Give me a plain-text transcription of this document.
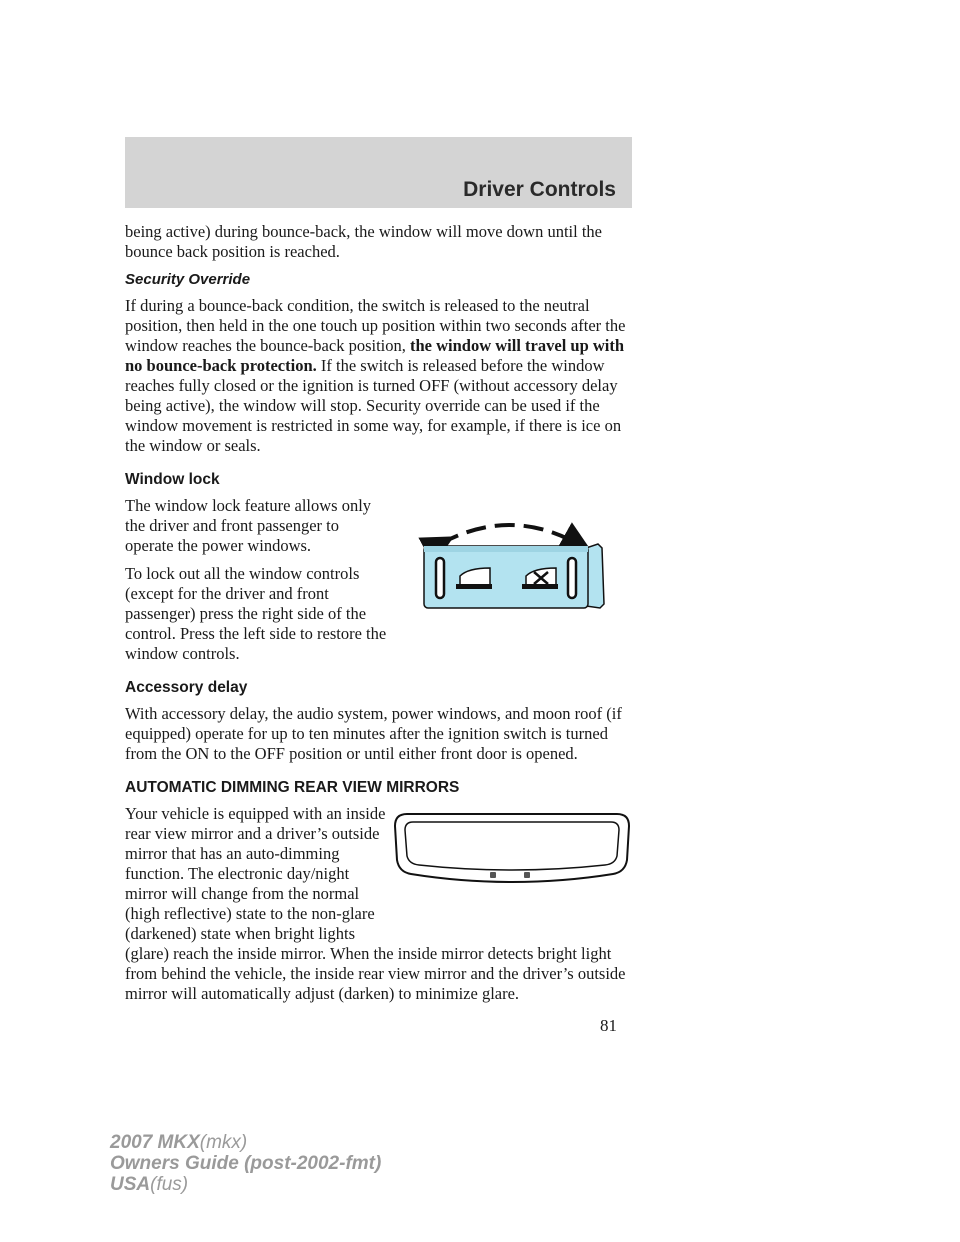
Driver Controls

being active) during bounce-back, the window will move down until the bounce back position is reached.

Security Override

If during a bounce-back condition, the switch is released to the neutral position, then held in the one touch up position within two seconds after the window reaches the bounce-back position, the window will travel up with no bounce-back protection. If the switch is released before the window reaches fully closed or the ignition is turned OFF (without accessory delay being active), the window will stop. Security override can be used if the window movement is restricted in some way, for example, if there is ice on the window or seals.

Window lock

The window lock feature allows only the driver and front passenger to operate the power windows.

To lock out all the window controls (except for the driver and front passenger) press the right side of the control. Press the left side to restore the window controls.

Accessory delay

With accessory delay, the audio system, power windows, and moon roof (if equipped) operate for up to ten minutes after the ignition switch is turned from the ON to the OFF position or until either front door is opened.

AUTOMATIC DIMMING REAR VIEW MIRRORS

Your vehicle is equipped with an inside rear view mirror and a driver’s outside mirror that has an auto-dimming function. The electronic day/night mirror will change from the normal (high reflective) state to the non-glare (darkened) state when bright lights

(glare) reach the inside mirror. When the inside mirror detects bright light from behind the vehicle, the inside rear view mirror and the driver’s outside mirror will automatically adjust (darken) to minimize glare.

81
2007 MKX(mkx)
Owners Guide (post-2002-fmt)
USA(fus)
